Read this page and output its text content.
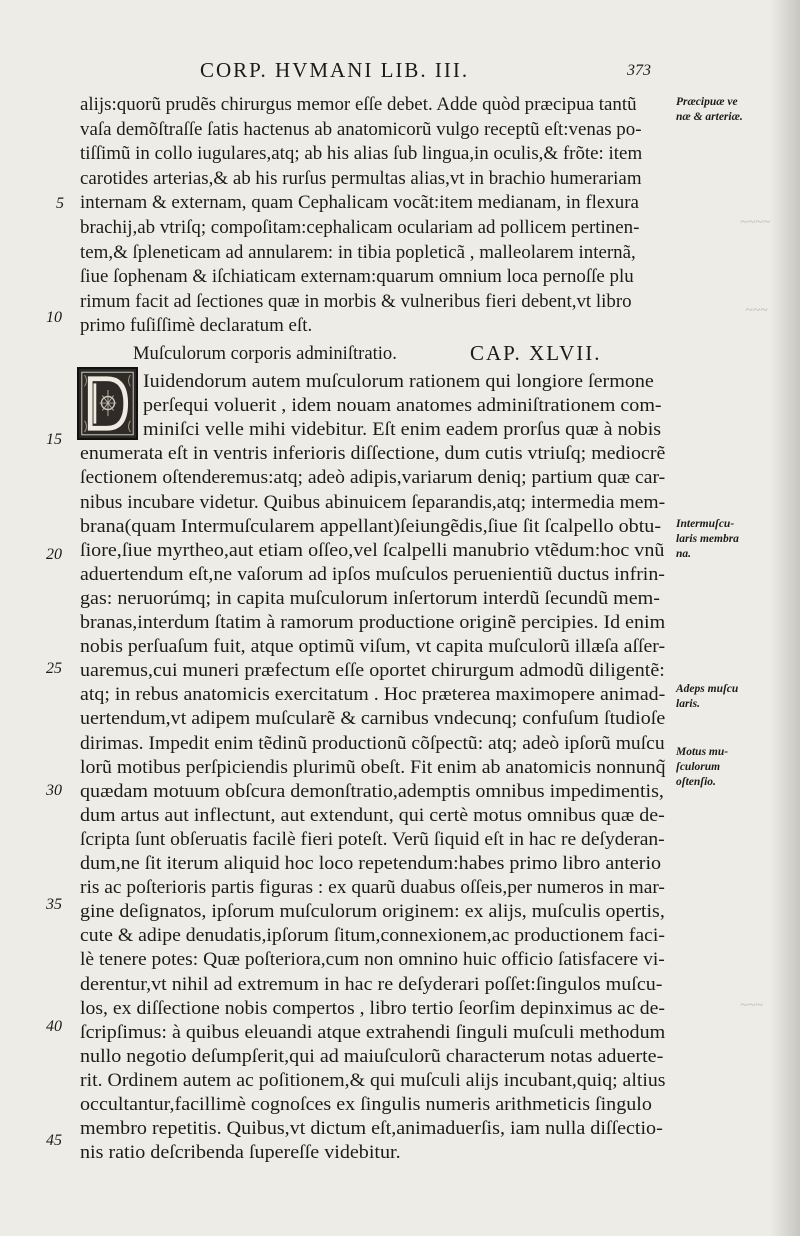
CORP. HVMANI LIB. III.	373
alijs:quorũ prudẽs chirurgus memor eſſe debet. Adde quòd præcipua tantũ
vaſa demõſtraſſe ſatis hactenus ab anatomicorũ vulgo receptũ eſt:venas po-
tiſſimũ in collo iugulares,atq; ab his alias ſub lingua,in oculis,& frõte: item
carotides arterias,& ab his rurſus permultas alias,vt in brachio humerariam
internam & externam, quam Cephalicam vocãt:item medianam, in flexura
brachij,ab vtriſq; compoſitam:cephalicam oculariam ad pollicem pertinen-
tem,& ſpleneticam ad annularem: in tibia popleticã , malleolarem internã,
ſiue ſophenam & iſchiaticam externam:quarum omnium loca pernoſſe plu
rimum facit ad ſectiones quæ in morbis & vulneribus fieri debent,vt libro
primo fuſiſſimè declaratum eſt.
Muſculorum corporis adminiſtratio.	CAP. XLVII.
Iuidendorum autem muſculorum rationem qui longiore ſermone
perſequi voluerit , idem nouam anatomes adminiſtrationem com-
miniſci velle mihi videbitur. Eſt enim eadem prorſus quæ à nobis
enumerata eſt in ventris inferioris diſſectione, dum cutis vtriuſq; mediocrẽ
ſectionem oſtenderemus:atq; adeò adipis,variarum deniq; partium quæ car-
nibus incubare videtur. Quibus abinuicem ſeparandis,atq; intermedia mem-
brana(quam Intermuſcularem appellant)ſeiungẽdis,ſiue ſit ſcalpello obtu-
ſiore,ſiue myrtheo,aut etiam oſſeo,vel ſcalpelli manubrio vtẽdum:hoc vnũ
aduertendum eſt,ne vaſorum ad ipſos muſculos peruenientiũ ductus infrin-
gas: neruorúmq; in capita muſculorum inſertorum interdũ ſecundũ mem-
branas,interdum ſtatim à ramorum productione originẽ percipies. Id enim
nobis perſuaſum fuit, atque optimũ viſum, vt capita muſculorũ illæſa aſſer-
uaremus,cui muneri præfectum eſſe oportet chirurgum admodũ diligentẽ:
atq; in rebus anatomicis exercitatum . Hoc præterea maximopere animad-
uertendum,vt adipem muſcularẽ & carnibus vndecunq; confuſum ſtudioſe
dirimas. Impedit enim tẽdinũ productionũ cõſpectũ: atq; adeò ipſorũ muſcu
lorũ motibus perſpiciendis plurimũ obeſt. Fit enim ab anatomicis nonnunq̃
quædam motuum obſcura demonſtratio,ademptis omnibus impedimentis,
dum artus aut inflectunt, aut extendunt, qui certè motus omnibus quæ de-
ſcripta ſunt obſeruatis facilè fieri poteſt. Verũ ſiquid eſt in hac re deſyderan-
dum,ne ſit iterum aliquid hoc loco repetendum:habes primo libro anterio
ris ac poſterioris partis figuras : ex quarũ duabus oſſeis,per numeros in mar-
gine deſignatos, ipſorum muſculorum originem: ex alijs, muſculis opertis,
cute & adipe denudatis,ipſorum ſitum,connexionem,ac productionem faci-
lè tenere potes: Quæ poſteriora,cum non omnino huic officio ſatisfacere vi-
derentur,vt nihil ad extremum in hac re deſyderari poſſet:ſingulos muſcu-
los, ex diſſectione nobis compertos , libro tertio ſeorſim depinximus ac de-
ſcripſimus: à quibus eleuandi atque extrahendi ſinguli muſculi methodum
nullo negotio deſumpſerit,qui ad maiuſculorũ characterum notas aduerte-
rit. Ordinem autem ac poſitionem,& qui muſculi alijs incubant,quiq; altius
occultantur,facillimè cognoſces ex ſingulis numeris arithmeticis ſingulo
membro repetitis. Quibus,vt dictum eſt,animaduerſis, iam nulla diſſectio-
nis ratio deſcribenda ſupereſſe videbitur.
5
10
15
20
25
30
35
40
45
Præcipuæ ve
næ & arteriæ.
Intermuſcu-
laris membra
na.
Adeps muſcu
laris.
Motus mu-
ſculorum
oſtenſio.
~~~~
~~~
~~~
